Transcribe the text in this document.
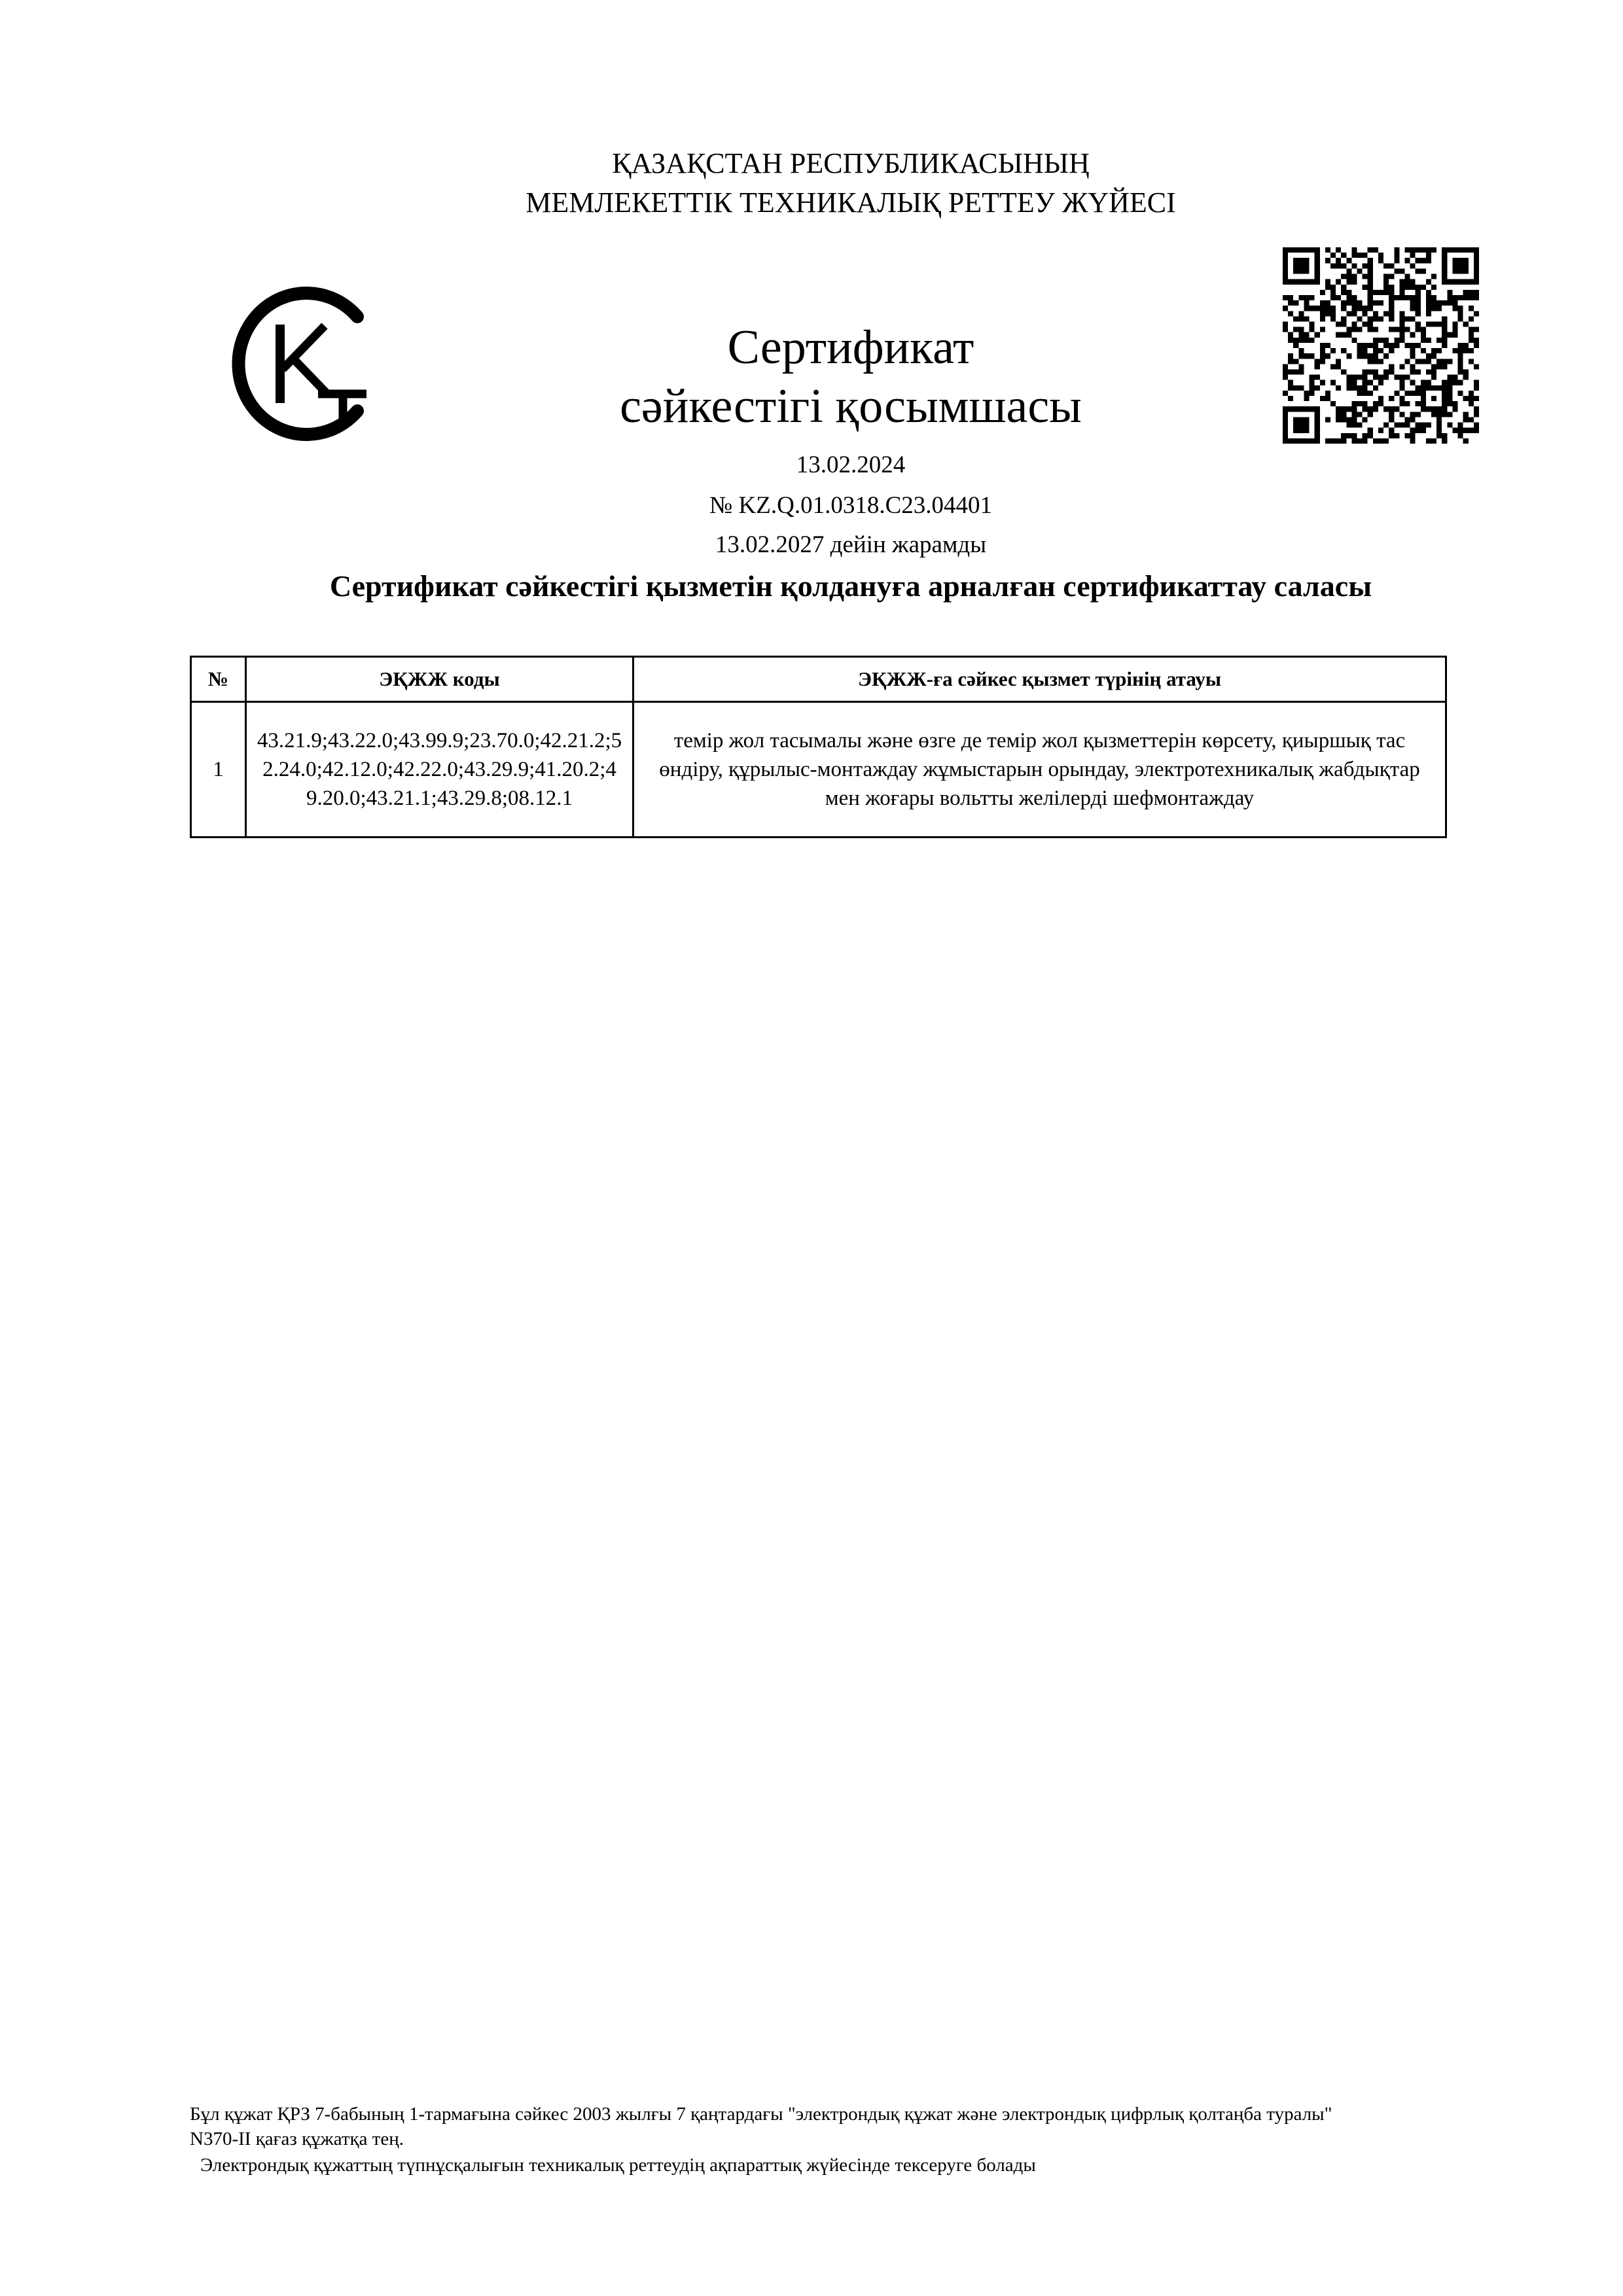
ҚАЗАҚСТАН РЕСПУБЛИКАСЫНЫҢ
МЕМЛЕКЕТТІК ТЕХНИКАЛЫҚ РЕТТЕУ ЖҮЙЕСІ
Сертификат
сәйкестігі қосымшасы
13.02.2024
№ KZ.Q.01.0318.C23.04401
13.02.2027 дейін жарамды
Сертификат сәйкестігі қызметін қолдануға арналған сертификаттау саласы
№	ЭҚЖЖ коды	ЭҚЖЖ-ға сәйкес қызмет түрінің атауы
1	43.21.9;43.22.0;43.99.9;23.70.0;42.21.2;52.24.0;42.12.0;42.22.0;43.29.9;41.20.2;49.20.0;43.21.1;43.29.8;08.12.1	темір жол тасымалы және өзге де темір жол қызметтерін көрсету, қиыршық тас өндіру, құрылыс-монтаждау жұмыстарын орындау, электротехникалық жабдықтар мен жоғары вольтты желілерді шефмонтаждау
Бұл құжат ҚРЗ 7-бабының 1-тармағына сәйкес 2003 жылғы 7 қаңтардағы "электрондық құжат және электрондық цифрлық қолтаңба туралы"
N370-II қағаз құжатқа тең.
Электрондық құжаттың түпнұсқалығын техникалық реттеудің ақпараттық жүйесінде тексеруге болады
